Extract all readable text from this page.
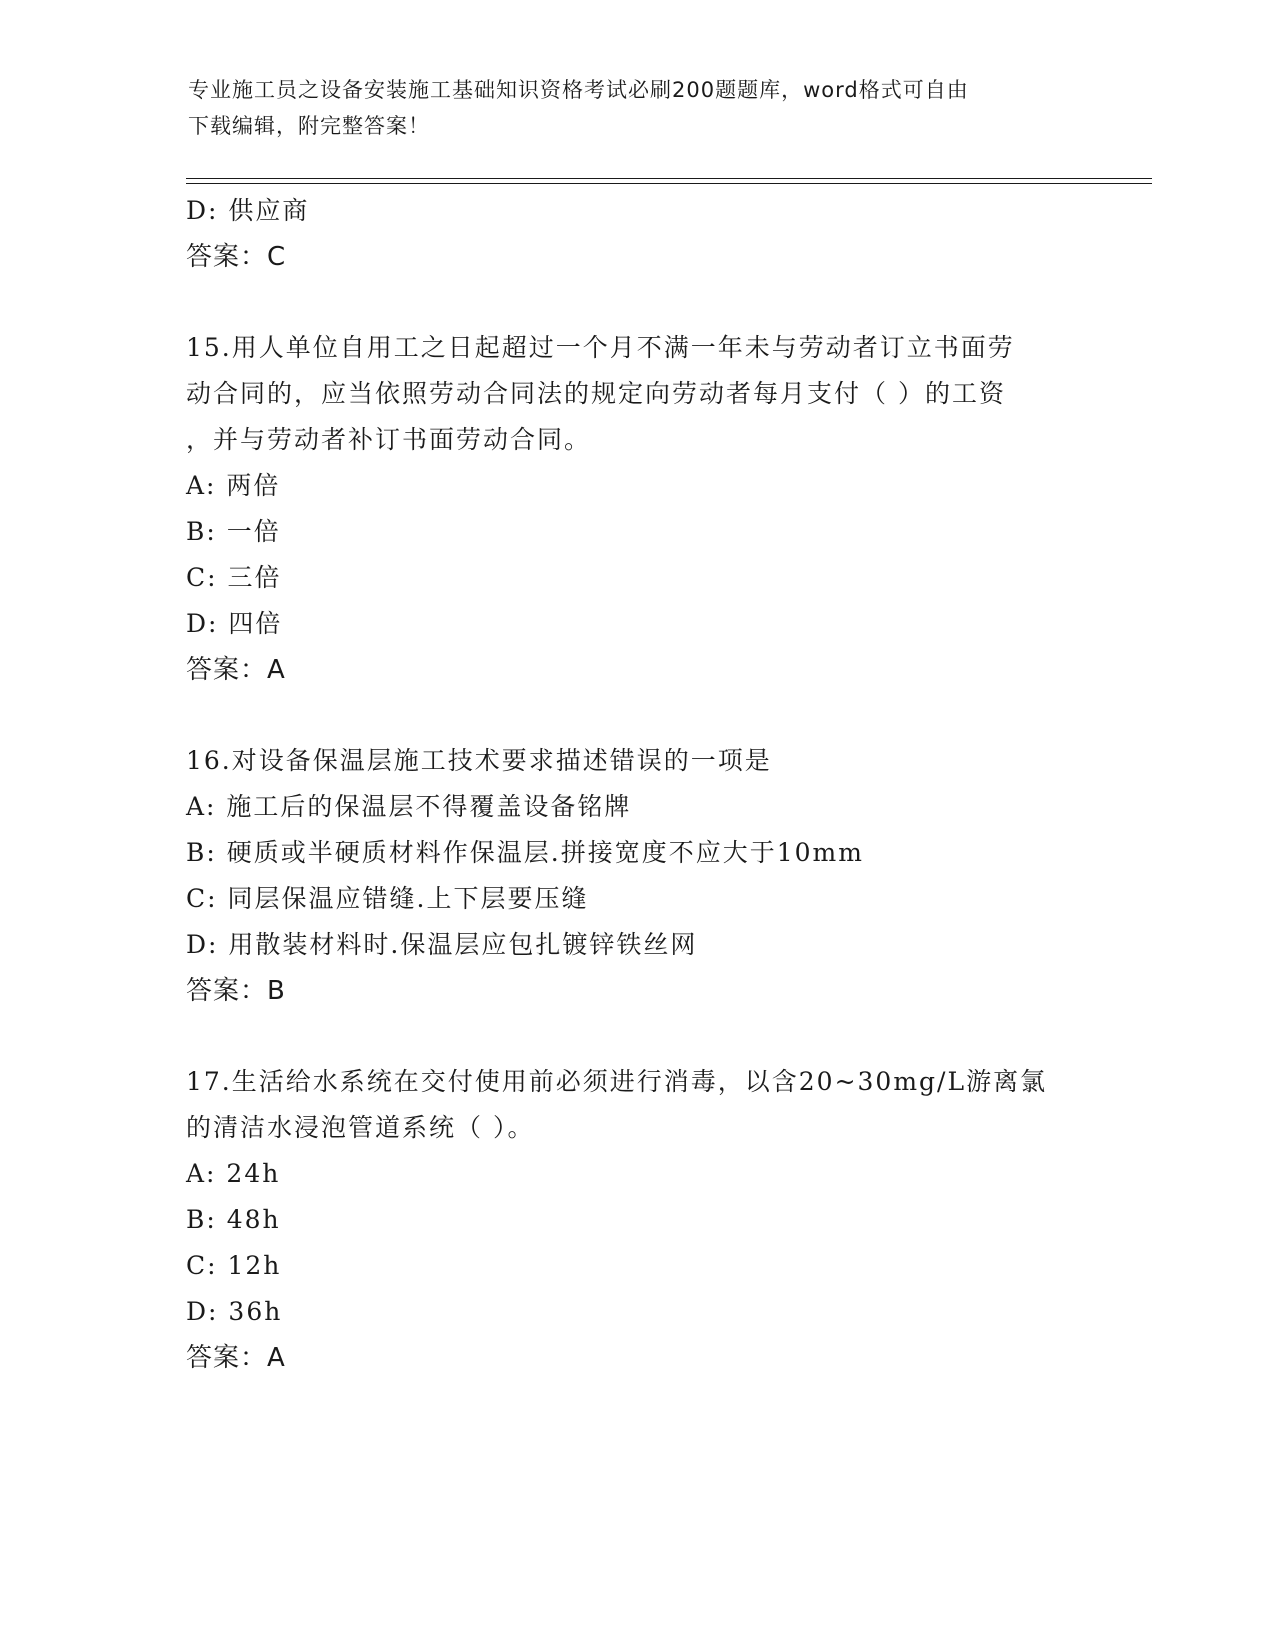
专业施工员之设备安装施工基础知识资格考试必刷200题题库，word格式可自由
下载编辑，附完整答案！
D: 供应商
答案：C
15.用人单位自用工之日起超过一个月不满一年未与劳动者订立书面劳
动合同的，应当依照劳动合同法的规定向劳动者每月支付（ ）的工资
，并与劳动者补订书面劳动合同。
A: 两倍
B: 一倍
C: 三倍
D: 四倍
答案：A
16.对设备保温层施工技术要求描述错误的一项是
A: 施工后的保温层不得覆盖设备铭牌
B: 硬质或半硬质材料作保温层.拼接宽度不应大于10mm
C: 同层保温应错缝.上下层要压缝
D: 用散装材料时.保温层应包扎镀锌铁丝网
答案：B
17.生活给水系统在交付使用前必须进行消毒，以含20~30mg/L游离氯
的清洁水浸泡管道系统（ ）。
A: 24h
B: 48h
C: 12h
D: 36h
答案：A
